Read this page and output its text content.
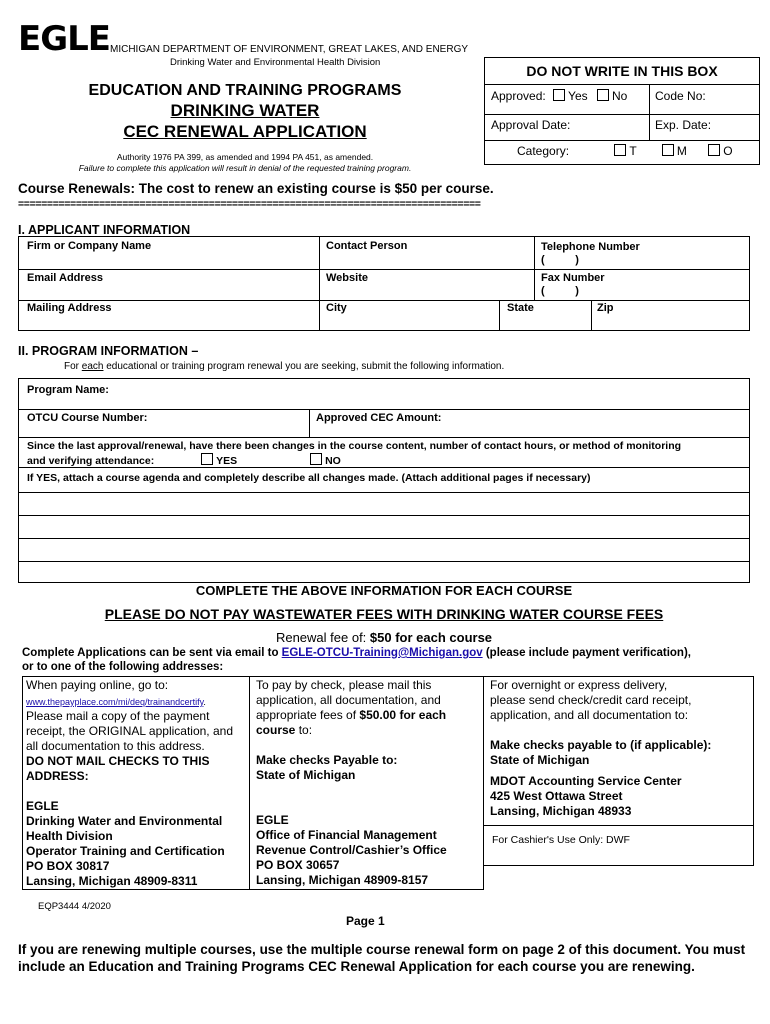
EGLE MICHIGAN DEPARTMENT OF ENVIRONMENT, GREAT LAKES, AND ENERGY
Drinking Water and Environmental Health Division
EDUCATION AND TRAINING PROGRAMS
DRINKING WATER
CEC RENEWAL APPLICATION
Authority 1976 PA 399, as amended and 1994 PA 451, as amended.
Failure to complete this application will result in denial of the requested training program.
DO NOT WRITE IN THIS BOX
Approved: Yes No Code No:
Approval Date:	Exp. Date:
Category:	T	M	O
Course Renewals: The cost to renew an existing course is $50 per course.
================================================================================
I. APPLICANT INFORMATION
Firm or Company Name	Contact Person	Telephone Number
(          )
Email Address	Website	Fax Number
(          )
Mailing Address	City	State	Zip
II. PROGRAM INFORMATION –
For each educational or training program renewal you are seeking, submit the following information.
Program Name:
OTCU Course Number:	Approved CEC Amount:
Since the last approval/renewal, have there been changes in the course content, number of contact hours, or method of monitoring
and verifying attendance:	YES	NO
If YES, attach a course agenda and completely describe all changes made. (Attach additional pages if necessary)
COMPLETE THE ABOVE INFORMATION FOR EACH COURSE
PLEASE DO NOT PAY WASTEWATER FEES WITH DRINKING WATER COURSE FEES
Renewal fee of: $50 for each course
Complete Applications can be sent via email to EGLE-OTCU-Training@Michigan.gov (please include payment verification),
or to one of the following addresses:
When paying online, go to:
www.thepayplace.com/mi/deq/trainandcertify.
Please mail a copy of the payment
receipt, the ORIGINAL application, and
all documentation to this address.
DO NOT MAIL CHECKS TO THIS
ADDRESS:
EGLE
Drinking Water and Environmental
Health Division
Operator Training and Certification
PO BOX 30817
Lansing, Michigan 48909-8311
To pay by check, please mail this
application, all documentation, and
appropriate fees of $50.00 for each
course to:
Make checks Payable to:
State of Michigan
EGLE
Office of Financial Management
Revenue Control/Cashier’s Office
PO BOX 30657
Lansing, Michigan 48909-8157
For overnight or express delivery,
please send check/credit card receipt,
application, and all documentation to:
Make checks payable to (if applicable):
State of Michigan
MDOT Accounting Service Center
425 West Ottawa Street
Lansing, Michigan 48933
For Cashier's Use Only: DWF
EQP3444 4/2020
Page 1
If you are renewing multiple courses, use the multiple course renewal form on page 2 of this document. You must include an Education and Training Programs CEC Renewal Application for each course you are renewing.
